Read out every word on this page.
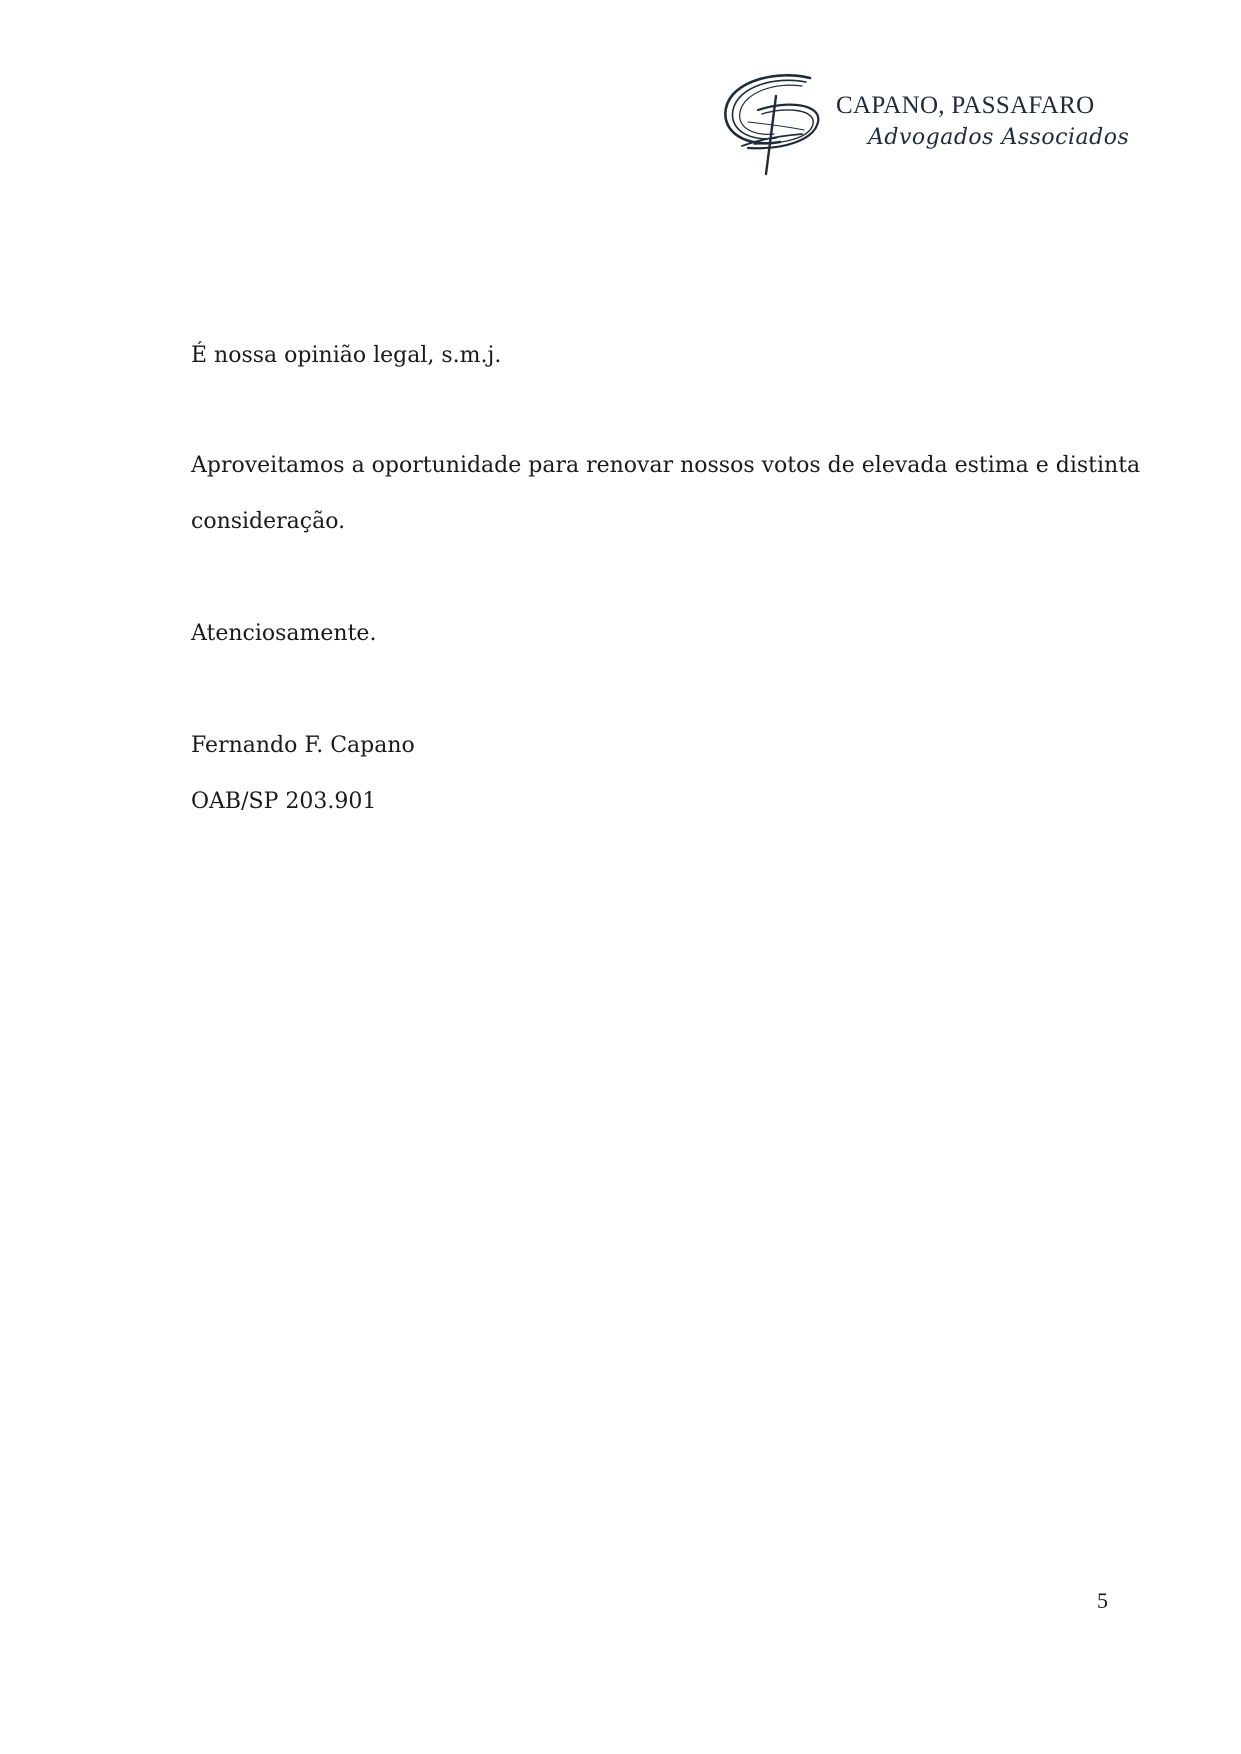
CAPANO, PASSAFARO
Advogados Associados
É nossa opinião legal, s.m.j.
Aproveitamos a oportunidade para renovar nossos votos de elevada estima e distinta
consideração.
Atenciosamente.
Fernando F. Capano
OAB/SP 203.901
5
